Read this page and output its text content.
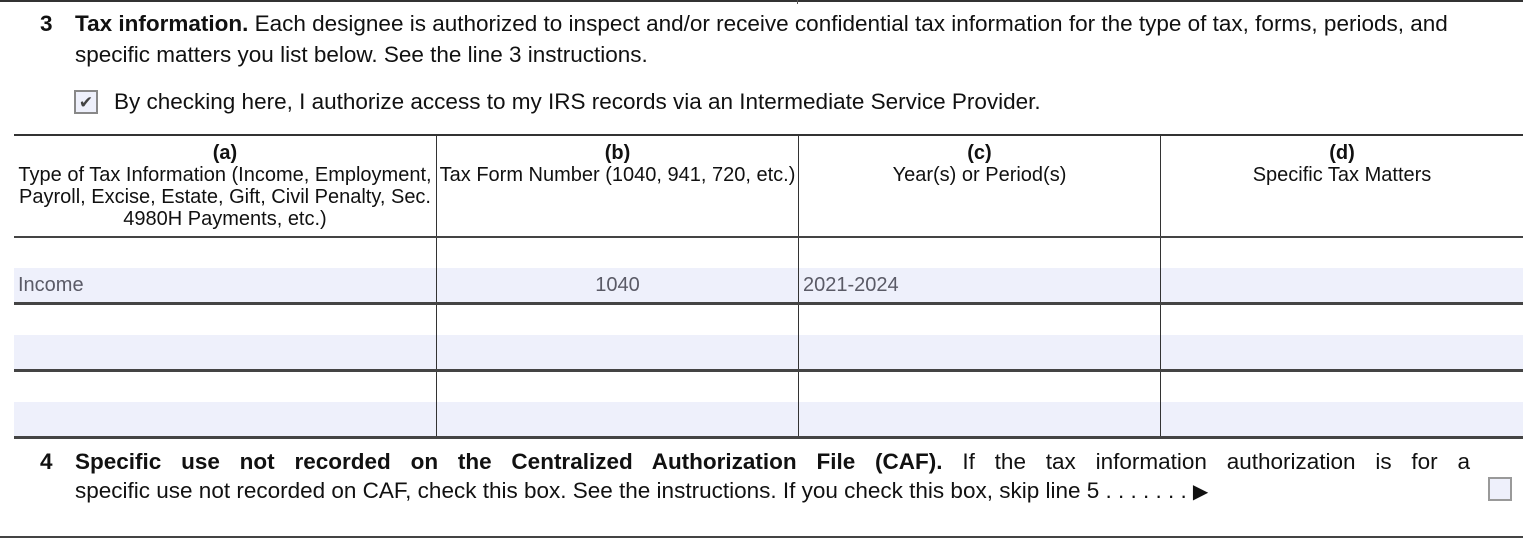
3 Tax information. Each designee is authorized to inspect and/or receive confidential tax information for the type of tax, forms, periods, and specific matters you list below. See the line 3 instructions.
✔ By checking here, I authorize access to my IRS records via an Intermediate Service Provider.
(a)
Type of Tax Information (Income, Employment, Payroll, Excise, Estate, Gift, Civil Penalty, Sec. 4980H Payments, etc.)
(b)
Tax Form Number (1040, 941, 720, etc.)
(c)
Year(s) or Period(s)
(d)
Specific Tax Matters
Income	1040	2021-2024
4 Specific use not recorded on the Centralized Authorization File (CAF). If the tax information authorization is for a
specific use not recorded on CAF, check this box. See the instructions. If you check this box, skip line 5 . . . . . . . ▶
